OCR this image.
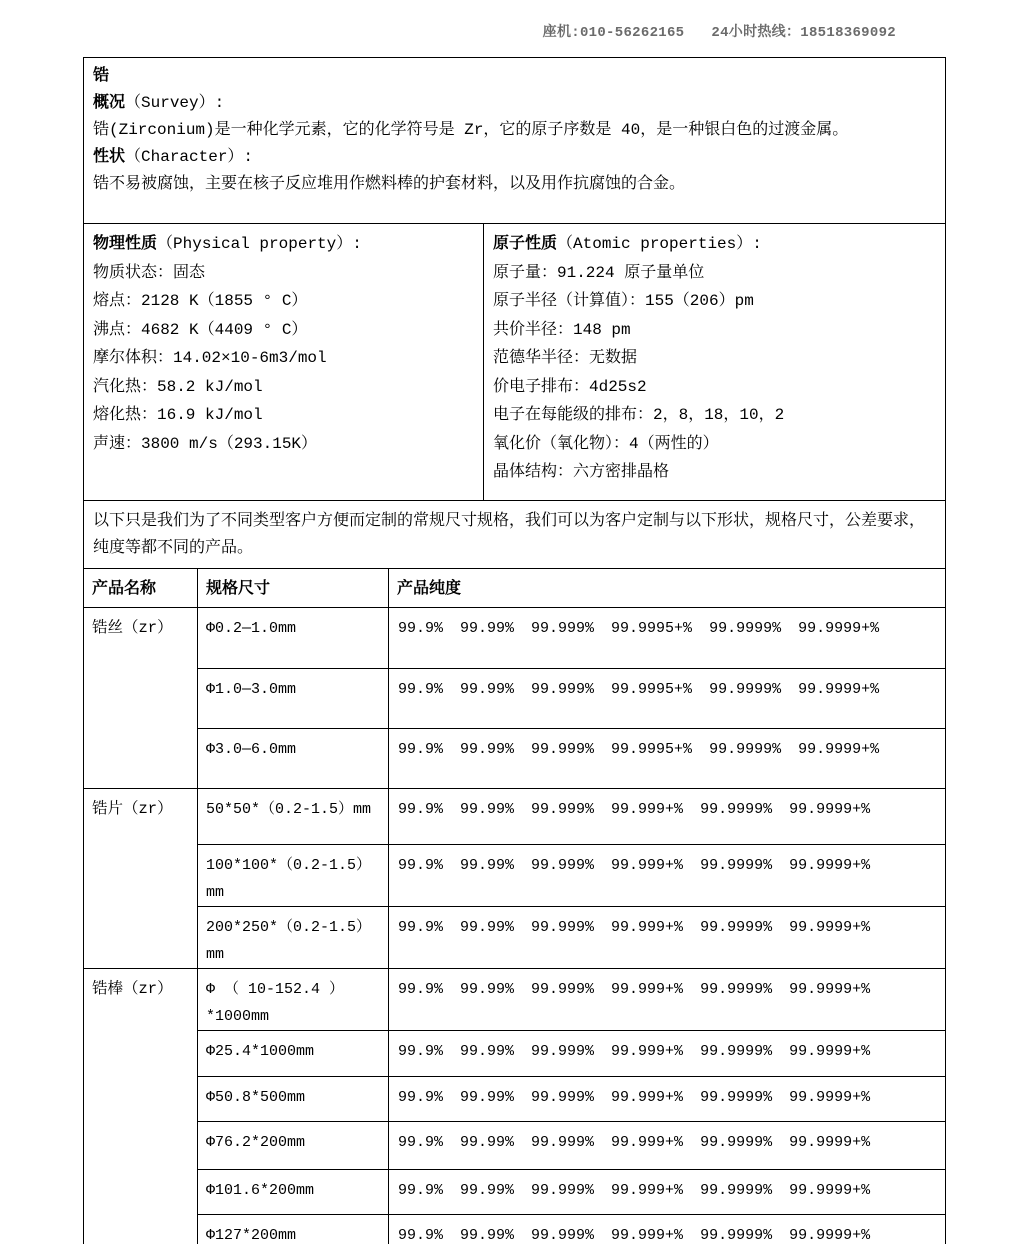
座机:010-56262165 24小时热线：18518369092
锆
概况（Survey）:
锆(Zirconium)是一种化学元素，它的化学符号是 Zr，它的原子序数是 40，是一种银白色的过渡金属。
性状（Character）:
锆不易被腐蚀，主要在核子反应堆用作燃料棒的护套材料，以及用作抗腐蚀的合金。			

物理性质（Physical property）:
物质状态：固态
熔点：2128 K（1855 ° C）
沸点：4682 K（4409 ° C）
摩尔体积：14.02×10-6m3/mol
汽化热：58.2 kJ/mol
熔化热：16.9 kJ/mol
声速：3800 m/s（293.15K）

原子性质（Atomic properties）:
原子量：91.224 原子量单位
原子半径（计算值）：155（206）pm
共价半径：148 pm
范德华半径：无数据
价电子排布：4d25s2
电子在每能级的排布：2，8，18，10，2
氧化价（氧化物）：4（两性的）
晶体结构：六方密排晶格

以下只是我们为了不同类型客户方便而定制的常规尺寸规格，我们可以为客户定制与以下形状，规格尺寸，公差要求，纯度等都不同的产品。			

产品名称	规格尺寸	产品纯度	
锆丝（zr）	Φ0.2—1.0mm	99.9% 99.99% 99.999% 99.9995+% 99.9999% 99.9999+%	
	Φ1.0—3.0mm	99.9% 99.99% 99.999% 99.9995+% 99.9999% 99.9999+%	
	Φ3.0—6.0mm	99.9% 99.99% 99.999% 99.9995+% 99.9999% 99.9999+%	
锆片（zr）	50*50*（0.2-1.5）mm	99.9% 99.99% 99.999% 99.999+% 99.9999% 99.9999+%	
	100*100*（0.2-1.5）mm	99.9% 99.99% 99.999% 99.999+% 99.9999% 99.9999+%	
	200*250*（0.2-1.5）mm	99.9% 99.99% 99.999% 99.999+% 99.9999% 99.9999+%	
锆棒（zr）	Φ （ 10-152.4 ）*1000mm	99.9% 99.99% 99.999% 99.999+% 99.9999% 99.9999+%	
	Φ25.4*1000mm	99.9% 99.99% 99.999% 99.999+% 99.9999% 99.9999+%	
	Φ50.8*500mm	99.9% 99.99% 99.999% 99.999+% 99.9999% 99.9999+%	
	Φ76.2*200mm	99.9% 99.99% 99.999% 99.999+% 99.9999% 99.9999+%	
	Φ101.6*200mm	99.9% 99.99% 99.999% 99.999+% 99.9999% 99.9999+%	
	Φ127*200mm	99.9% 99.99% 99.999% 99.999+% 99.9999% 99.9999+%	
